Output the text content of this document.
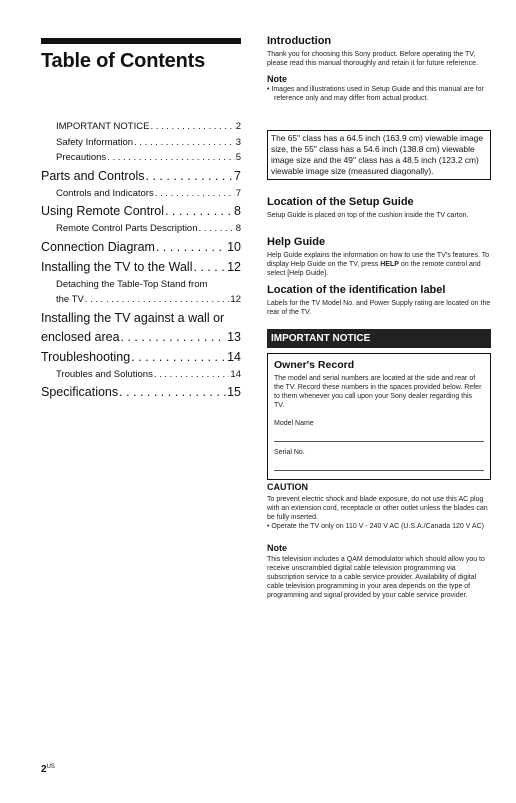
Table of Contents
IMPORTANT NOTICE . . .	2
Safety Information . . .	3
Precautions . . .	5
Parts and Controls . . .	7
Controls and Indicators . . .	7
Using Remote Control . . .	8
Remote Control Parts Description . . .	8
Connection Diagram . . .	10
Installing the TV to the Wall . . .	12
Detaching the Table-Top Stand from
the TV . . .	12
Installing the TV against a wall or
enclosed area . . .	13
Troubleshooting . . .	14
Troubles and Solutions . . .	14
Specifications . . .	15
Introduction

Thank you for choosing this Sony product. Before operating the TV, please read this manual thoroughly and retain it for future reference.

Note

• Images and illustrations used in Setup Guide and this manual are for reference only and may differ from actual product.

The 65" class has a 64.5 inch (163.9 cm) viewable image size, the 55" class has a 54.6 inch (138.8 cm) viewable image size and the 49" class has a 48.5 inch (123.2 cm) viewable image size (measured diagonally).
Location of the Setup Guide

Setup Guide is placed on top of the cushion inside the TV carton.

Help Guide

Help Guide explains the information on how to use the TV's features. To display Help Guide on the TV, press HELP on the remote control and select [Help Guide].

Location of the identification label

Labels for the TV Model No. and Power Supply rating are located on the rear of the TV.

IMPORTANT NOTICE
Owner's Record

The model and serial numbers are located at the side and rear of the TV. Record these numbers in the spaces provided below. Refer to them whenever you call upon your Sony dealer regarding this TV.

Model Name
Serial No.
CAUTION

To prevent electric shock and blade exposure, do not use this AC plug with an extension cord, receptacle or other outlet unless the blades can be fully inserted.

• Operate the TV only on 110 V - 240 V AC (U.S.A./Canada 120 V AC)

Note

This television includes a QAM demodulator which should allow you to receive unscrambled digital cable television programming via subscription service to a cable service provider. Availability of digital cable television programming in your area depends on the type of programming and signal provided by your cable service provider.

$2^{US}$
